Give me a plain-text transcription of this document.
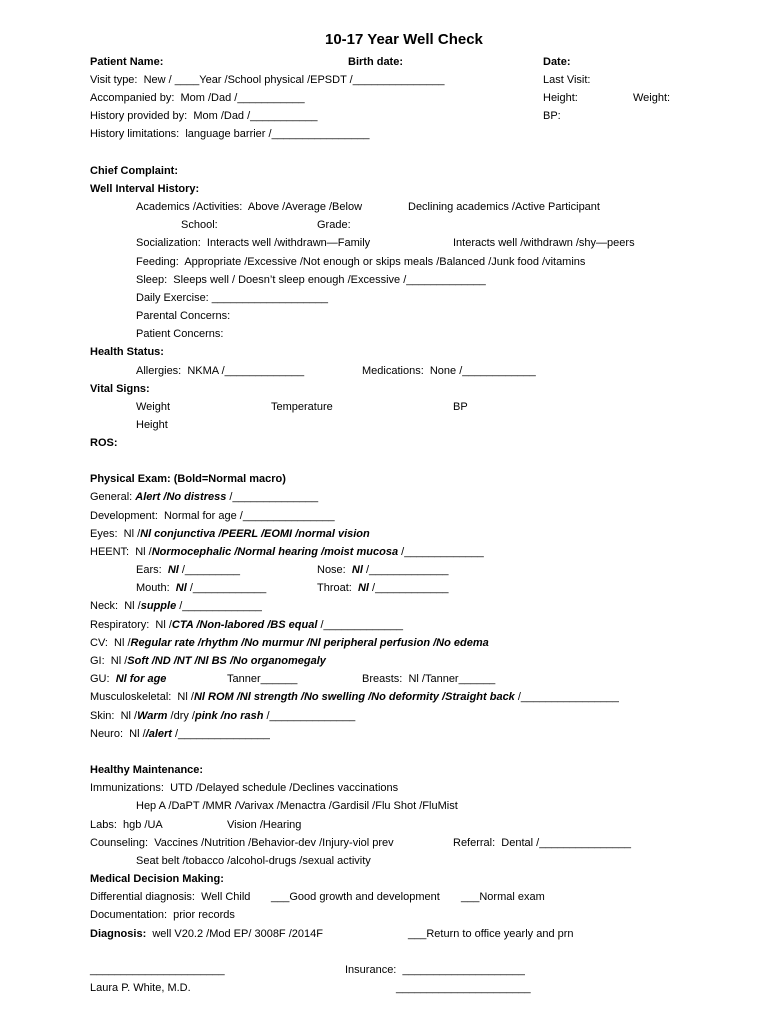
10-17 Year Well Check
Patient Name:	Birth date:	Date:
Visit type:  New / ____Year /School physical /EPSDT /_______________	Last Visit:
Accompanied by:  Mom /Dad /___________	Height:	Weight:
History provided by:  Mom /Dad /___________	BP:
History limitations:  language barrier /________________
Chief Complaint:
Well Interval History:
Academics /Activities:  Above /Average /Below	Declining academics /Active Participant
School:	Grade:
Socialization:  Interacts well /withdrawn—Family	Interacts well /withdrawn /shy—peers
Feeding:  Appropriate /Excessive /Not enough or skips meals /Balanced /Junk food /vitamins
Sleep:  Sleeps well / Doesn’t sleep enough /Excessive /_____________
Daily Exercise: ___________________
Parental Concerns:
Patient Concerns:
Health Status:
Allergies:  NKMA /_____________	Medications:  None /____________
Vital Signs:
Weight	Temperature	BP
Height
ROS:
Physical Exam: (Bold=Normal macro)
General: Alert /No distress /______________
Development:  Normal for age /_______________
Eyes:  Nl /Nl conjunctiva /PEERL /EOMI /normal vision
HEENT:  Nl /Normocephalic /Normal hearing /moist mucosa /_____________
Ears: Nl /_________	Nose: Nl /_____________
Mouth: Nl /____________	Throat: Nl /____________
Neck:  Nl /supple /_____________
Respiratory:  Nl /CTA /Non-labored /BS equal /_____________
CV:  Nl /Regular rate /rhythm /No murmur /Nl peripheral perfusion /No edema
GI:  Nl /Soft /ND /NT /Nl BS /No organomegaly
GU: Nl for age	Tanner______	Breasts:  Nl /Tanner______
Musculoskeletal:  Nl /Nl ROM /Nl strength /No swelling /No deformity /Straight back /________________
Skin:  Nl /Warm /dry /pink /no rash /______________
Neuro:  Nl //alert /_______________
Healthy Maintenance:
Immunizations:  UTD /Delayed schedule /Declines vaccinations
Hep A /DaPT /MMR /Varivax /Menactra /Gardisil /Flu Shot /FluMist
Labs:  hgb /UA	Vision /Hearing
Counseling:  Vaccines /Nutrition /Behavior-dev /Injury-viol prev	Referral:  Dental /_______________
Seat belt /tobacco /alcohol-drugs /sexual activity
Medical Decision Making:
Differential diagnosis:  Well Child ___Good growth and development ___Normal exam
Documentation:  prior records
Diagnosis: well V20.2 /Mod EP/ 3008F /2014F	___Return to office yearly and prn
______________________	Insurance:  ____________________
Laura P. White, M.D.	______________________
